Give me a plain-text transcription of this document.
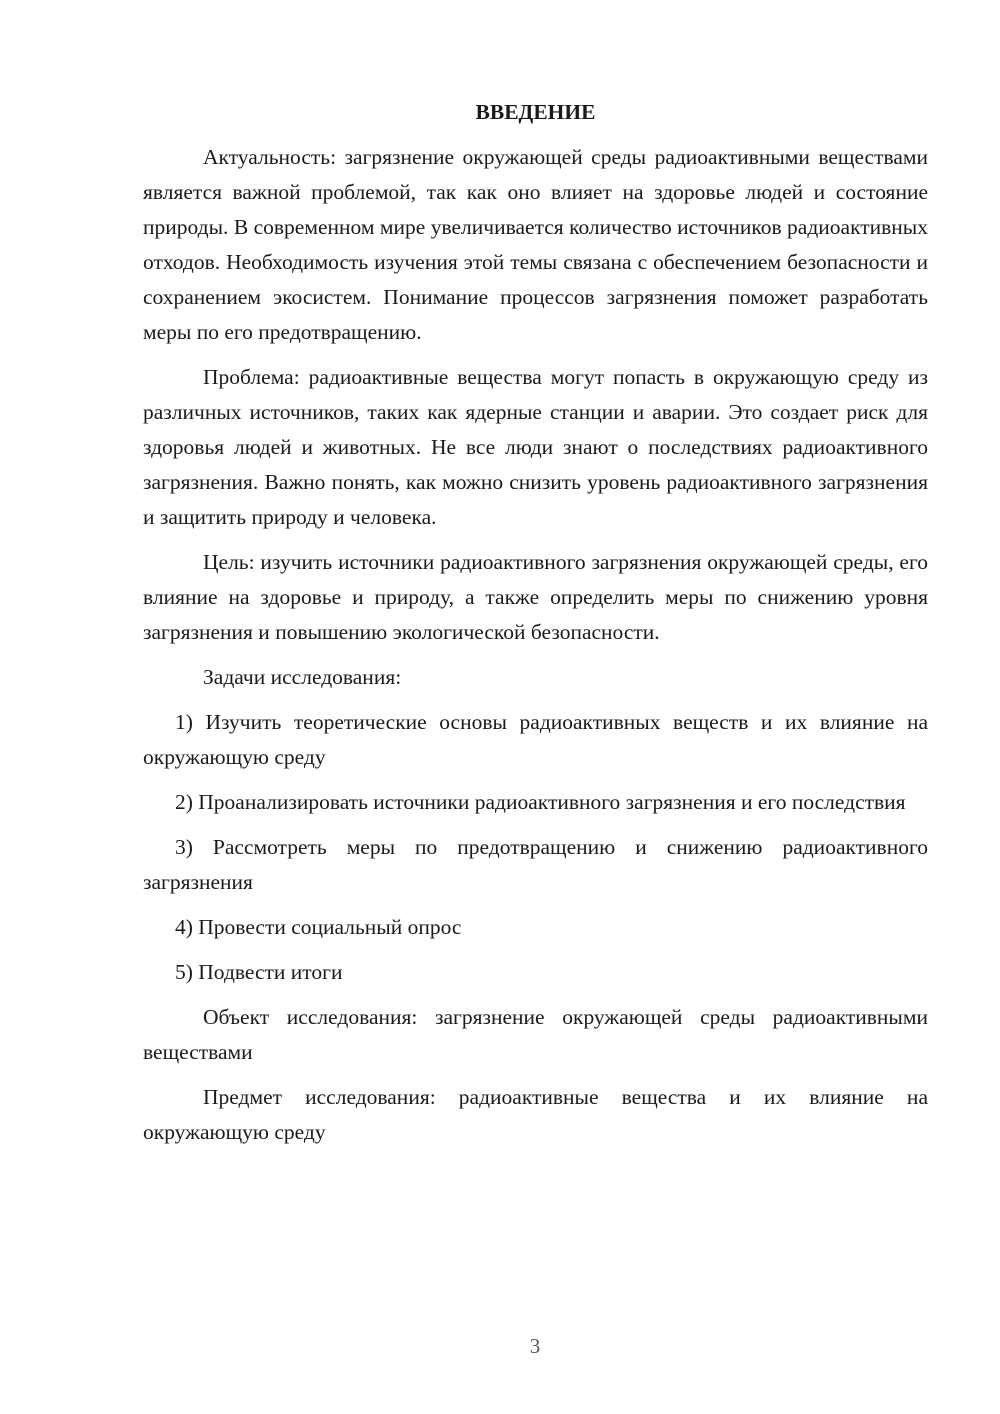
ВВЕДЕНИЕ

Актуальность: загрязнение окружающей среды радиоактивными веществами является важной проблемой, так как оно влияет на здоровье людей и состояние природы. В современном мире увеличивается количество источников радиоактивных отходов. Необходимость изучения этой темы связана с обеспечением безопасности и сохранением экосистем. Понимание процессов загрязнения поможет разработать меры по его предотвращению.

Проблема: радиоактивные вещества могут попасть в окружающую среду из различных источников, таких как ядерные станции и аварии. Это создает риск для здоровья людей и животных. Не все люди знают о последствиях радиоактивного загрязнения. Важно понять, как можно снизить уровень радиоактивного загрязнения и защитить природу и человека.

Цель: изучить источники радиоактивного загрязнения окружающей среды, его влияние на здоровье и природу, а также определить меры по снижению уровня загрязнения и повышению экологической безопасности.

Задачи исследования:

1) Изучить теоретические основы радиоактивных веществ и их влияние на окружающую среду

2) Проанализировать источники радиоактивного загрязнения и его последствия

3) Рассмотреть меры по предотвращению и снижению радиоактивного загрязнения

4) Провести социальный опрос

5) Подвести итоги

Объект исследования: загрязнение окружающей среды радиоактивными веществами

Предмет исследования: радиоактивные вещества и их влияние на окружающую среду

3
